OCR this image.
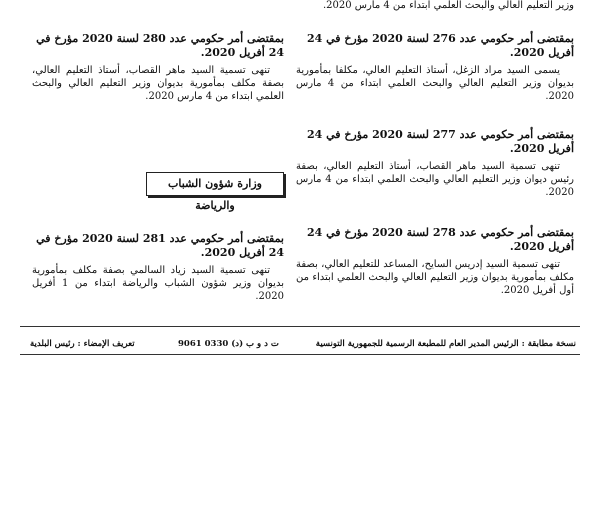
وزير التعليم العالي والبحث العلمي ابتداء من 4 مارس 2020.
بمقتضى أمر حكومي عدد 276 لسنة 2020 مؤرخ في 24 أفريل 2020.

يسمى السيد مراد الزغل، أستاذ التعليم العالي، مكلفا بمأمورية بديوان وزير التعليم العالي والبحث العلمي ابتداء من 4 مارس 2020.

بمقتضى أمر حكومي عدد 277 لسنة 2020 مؤرخ في 24 أفريل 2020.

تنهى تسمية السيد ماهر القصاب، أستاذ التعليم العالي، بصفة رئيس ديوان وزير التعليم العالي والبحث العلمي ابتداء من 4 مارس 2020.

بمقتضى أمر حكومي عدد 278 لسنة 2020 مؤرخ في 24 أفريل 2020.

تنهى تسمية السيد إدريس السايح، المساعد للتعليم العالي، بصفة مكلف بمأمورية بديوان وزير التعليم العالي والبحث العلمي ابتداء من أول أفريل 2020.

بمقتضى أمر حكومي عدد 280 لسنة 2020 مؤرخ في 24 أفريل 2020.

تنهى تسمية السيد ماهر القصاب، أستاذ التعليم العالي، بصفة مكلف بمأمورية بديوان وزير التعليم العالي والبحث العلمي ابتداء من 4 مارس 2020.

وزارة شؤون الشباب والرياضة
بمقتضى أمر حكومي عدد 281 لسنة 2020 مؤرخ في 24 أفريل 2020.

تنهى تسمية السيد زياد السالمي بصفة مكلف بمأمورية بديوان وزير شؤون الشباب والرياضة ابتداء من 1 أفريل 2020.

نسخة مطابقة : الرئيس المدير العام للمطبعة الرسمية للجمهورية التونسية
ت د و ب (د) 0330 9061
تعريف الإمضاء : رئيس البلدية
